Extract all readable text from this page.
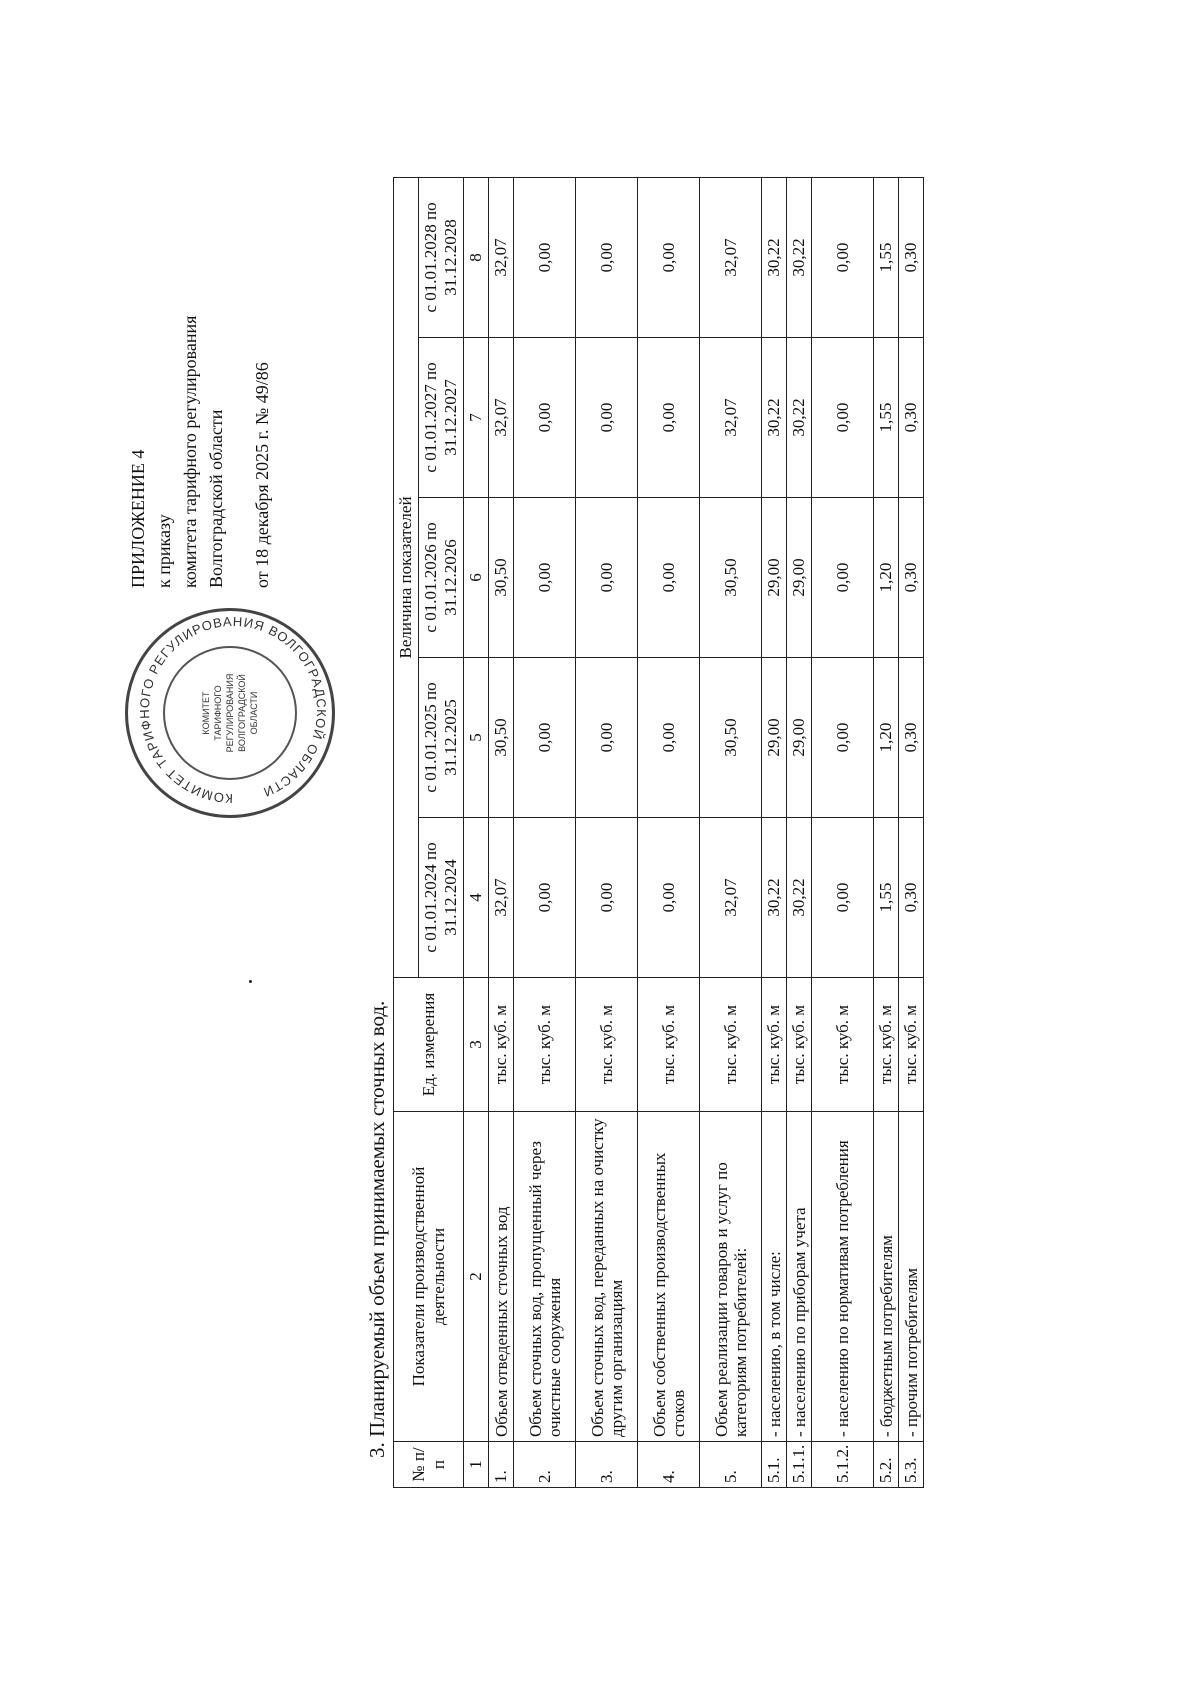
КОМИТЕТ ТАРИФНОГО РЕГУЛИРОВАНИЯ ВОЛГОГРАДСКОЙ ОБЛАСТИ
КОМИТЕТ ТАРИФНОГО РЕГУЛИРОВАНИЯ ВОЛГОГРАДСКОЙ ОБЛАСТИ
ПРИЛОЖЕНИЕ 4 к приказу комитета тарифного регулирования Волгоградской области от 18 декабря 2025 г. № 49/86
3. Планируемый объем принимаемых сточных вод.
№ п/п	Показатели производственной деятельности	Ед. измерения	Величина показателей				
			с 01.01.2024 по 31.12.2024	с 01.01.2025 по 31.12.2025	с 01.01.2026 по 31.12.2026	с 01.01.2027 по 31.12.2027	с 01.01.2028 по 31.12.2028
1	2	3	4	5	6	7	8
1.	Объем отведенных сточных вод	тыс. куб. м	32,07	30,50	30,50	32,07	32,07
2.	Объем сточных вод, пропущенный через очистные сооружения	тыс. куб. м	0,00	0,00	0,00	0,00	0,00
3.	Объем сточных вод, переданных на очистку другим организациям	тыс. куб. м	0,00	0,00	0,00	0,00	0,00
4.	Объем собственных производственных стоков	тыс. куб. м	0,00	0,00	0,00	0,00	0,00
5.	Объем реализации товаров и услуг по категориям потребителей:	тыс. куб. м	32,07	30,50	30,50	32,07	32,07
5.1.	- населению, в том числе:	тыс. куб. м	30,22	29,00	29,00	30,22	30,22
5.1.1.	- населению по приборам учета	тыс. куб. м	30,22	29,00	29,00	30,22	30,22
5.1.2.	- населению по нормативам потребления	тыс. куб. м	0,00	0,00	0,00	0,00	0,00
5.2.	- бюджетным потребителям	тыс. куб. м	1,55	1,20	1,20	1,55	1,55
5.3.	- прочим потребителям	тыс. куб. м	0,30	0,30	0,30	0,30	0,30
